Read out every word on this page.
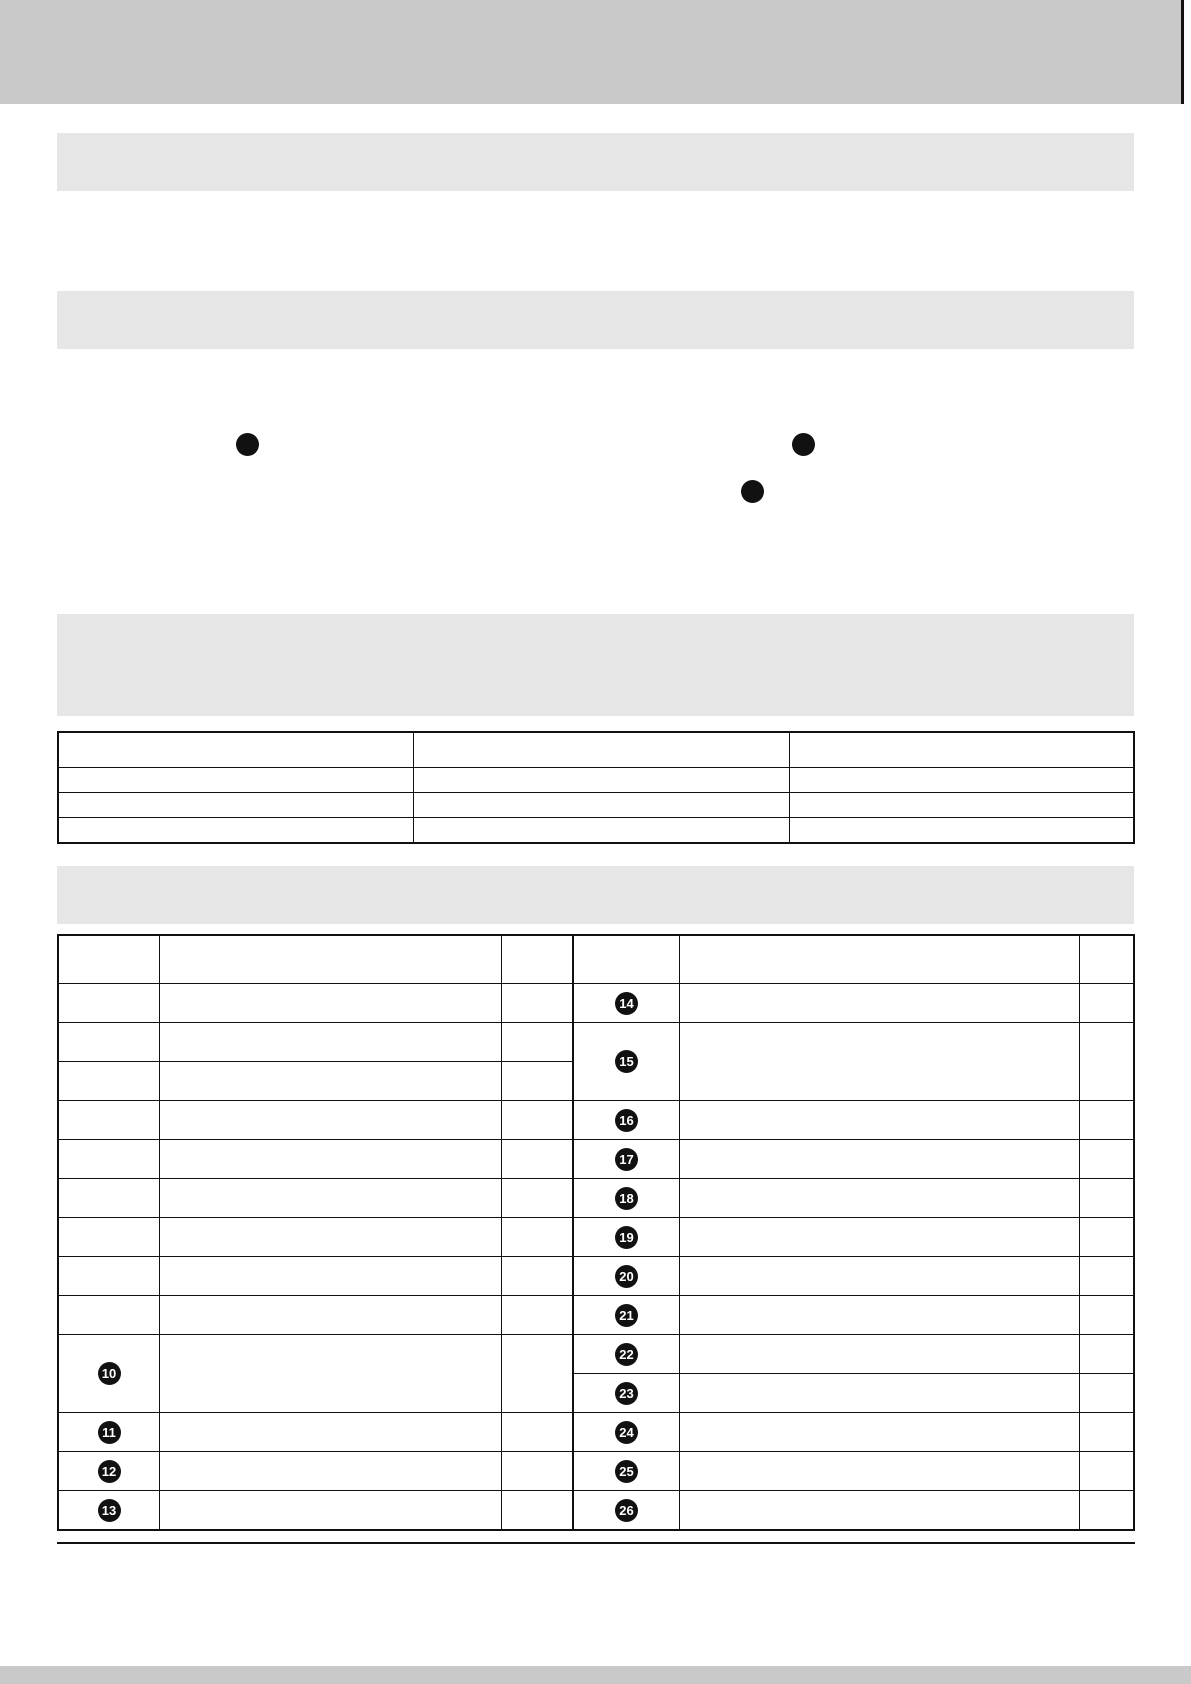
			14		
			15		

			16		
			17		
			18		
			19		
			20		
			21		
10			22		
			23		
11			24		
12			25		
13			26		
